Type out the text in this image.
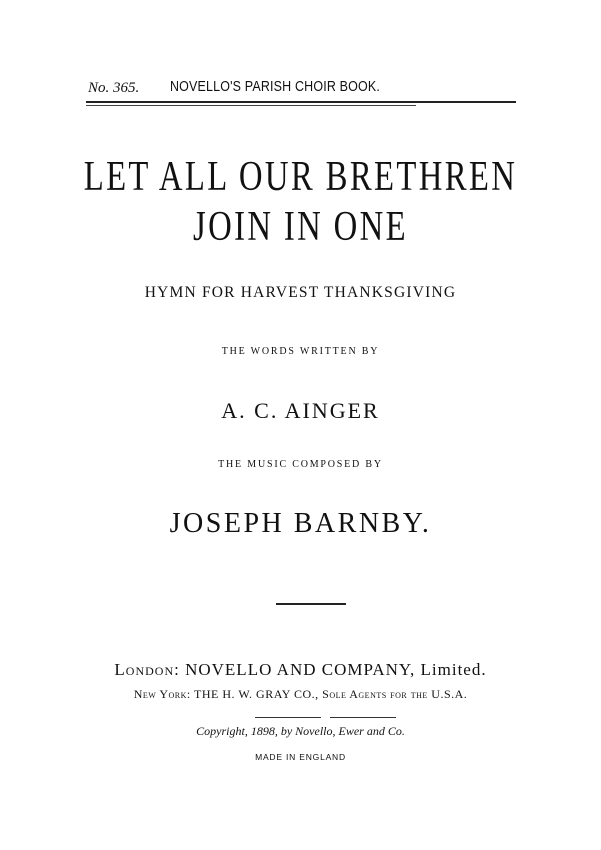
No. 365. NOVELLO'S PARISH CHOIR BOOK.
LET ALL OUR BRETHREN
JOIN IN ONE
HYMN FOR HARVEST THANKSGIVING
THE WORDS WRITTEN BY
A. C. AINGER
THE MUSIC COMPOSED BY
JOSEPH BARNBY.
London: NOVELLO AND COMPANY, Limited.
New York: THE H. W. GRAY CO., Sole Agents for the U.S.A.
Copyright, 1898, by Novello, Ewer and Co.
MADE IN ENGLAND
